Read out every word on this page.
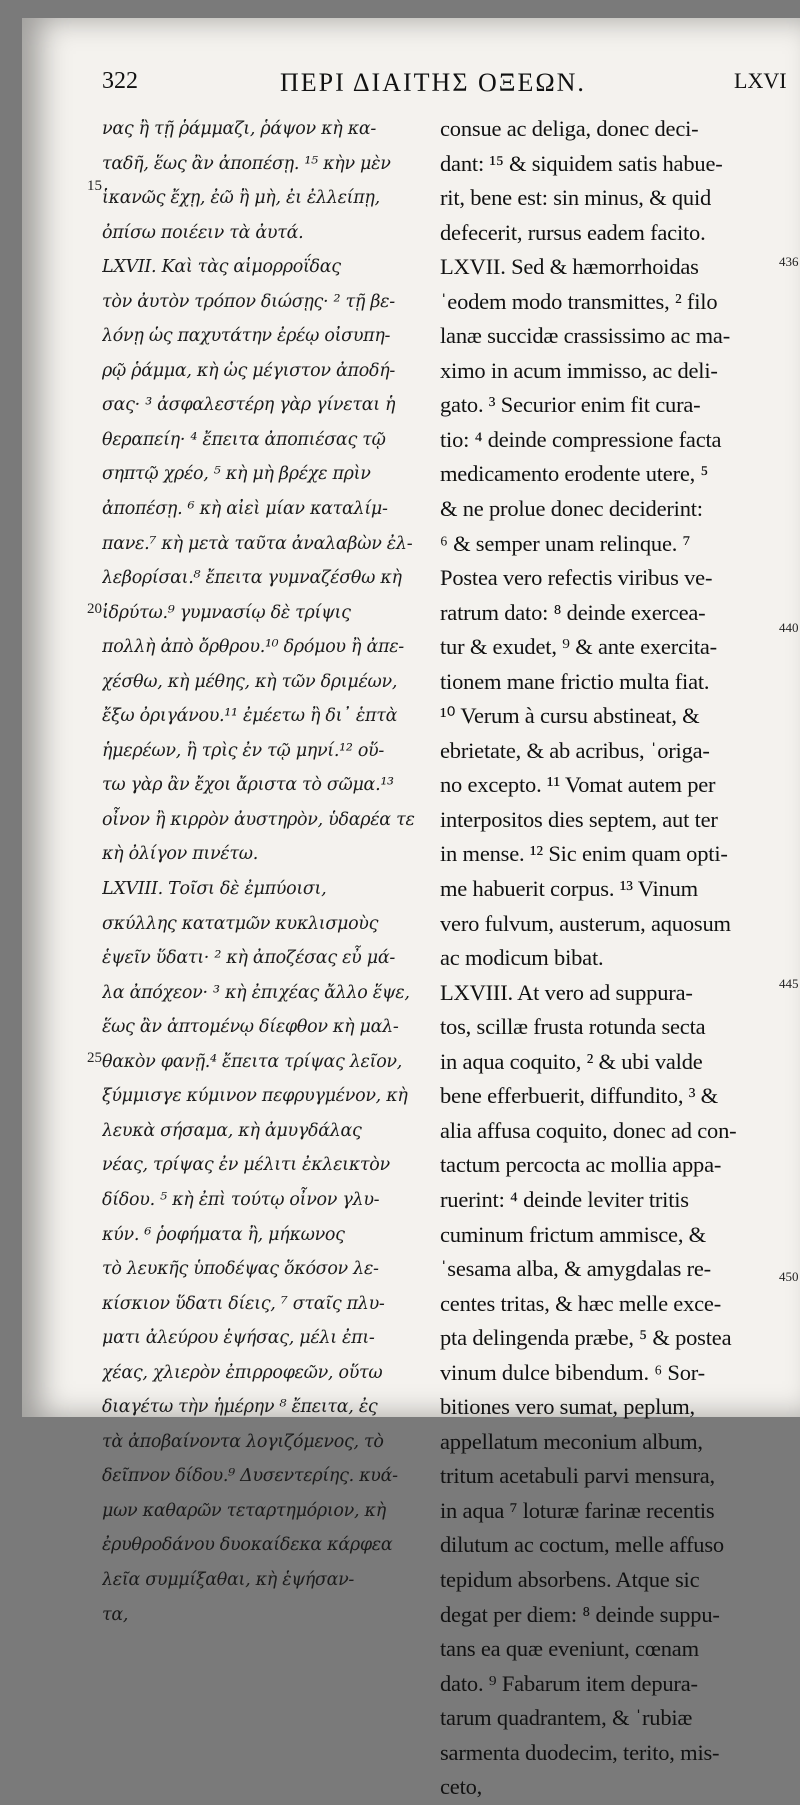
322	ΠΕΡΙ ΔΙΑΙΤΗΣ ΟΞΕΩΝ.	LXVI
νας ἢ τῇ ῥάμμαζι, ῥάψον κὴ κα-
ταδῆ, ἕως ἂν ἀποπέσῃ. ¹⁵ κὴν μὲν
ἱκανῶς ἔχῃ, ἐῶ ἢ μὴ, ἐι ἐλλείπῃ,
ὀπίσω ποιέειν τὰ ἀυτά.
LXVII. Καὶ τὰς αἱμορροΐδας
τὸν ἀυτὸν τρόπον διώσῃς· ² τῇ βε-
λόνῃ ὡς παχυτάτην ἐρέῳ οἰσυπη-
ρῷ ῥάμμα, κὴ ὡς μέγιστον ἀποδή-
σας· ³ ἀσφαλεστέρη γὰρ γίνεται ἡ
θεραπείη· ⁴ ἔπειτα ἀποπιέσας τῷ
σηπτῷ χρέο, ⁵ κὴ μὴ βρέχε πρὶν
ἀποπέσῃ. ⁶ κὴ αἰεὶ μίαν καταλίμ-
πανε.⁷ κὴ μετὰ ταῦτα ἀναλαβὼν ἐλ-
λεβορίσαι.⁸ ἔπειτα γυμναζέσθω κὴ
ἱδρύτω.⁹ γυμνασίῳ δὲ τρίψις
πολλὴ ἀπὸ ὄρθρου.¹⁰ δρόμου ἢ ἀπε-
χέσθω, κὴ μέθης, κὴ τῶν δριμέων,
ἔξω ὀριγάνου.¹¹ ἐμέετω ἢ δι᾽ ἑπτὰ
ἡμερέων, ἢ τρὶς ἐν τῷ μηνί.¹² οὕ-
τω γὰρ ἂν ἔχοι ἄριστα τὸ σῶμα.¹³
οἶνον ἢ κιρρὸν ἀυστηρὸν, ὑδαρέα τε
κὴ ὀλίγον πινέτω.
LXVIII. Τοῖσι δὲ ἐμπύοισι,
σκύλλης κατατμῶν κυκλισμοὺς
ἑψεῖν ὕδατι· ² κὴ ἀποζέσας εὖ μά-
λα ἀπόχεον· ³ κὴ ἐπιχέας ἄλλο ἕψε,
ἕως ἂν ἁπτομένῳ δίεφθον κὴ μαλ-
θακὸν φανῇ.⁴ ἔπειτα τρίψας λεῖον,
ξύμμισγε κύμινον πεφρυγμένον, κὴ
λευκὰ σήσαμα, κὴ ἀμυγδάλας
νέας, τρίψας ἐν μέλιτι ἐκλεικτὸν
δίδου. ⁵ κὴ ἐπὶ τούτῳ οἶνον γλυ-
κύν. ⁶ ῥοφήματα ἢ, μήκωνος
τὸ λευκῆς ὑποδέψας ὅκόσον λε-
κίσκιον ὕδατι δίεις, ⁷ σταῖς πλυ-
ματι ἀλεύρου ἑψήσας, μέλι ἐπι-
χέας, χλιερὸν ἐπιρροφεῶν, οὕτω
διαγέτω τὴν ἡμέρην ⁸ ἔπειτα, ἐς
τὰ ἀποβαίνοντα λογιζόμενος, τὸ
δεῖπνον δίδου.⁹ Δυσεντερίης. κυά-
μων καθαρῶν τεταρτημόριον, κὴ
ἐρυθροδάνου δυοκαίδεκα κάρφεα
λεῖα συμμίξαθαι, κὴ ἑψήσαν-
τα,
consue ac deliga, donec deci-
dant: ¹⁵ & siquidem satis habue-
rit, bene est: sin minus, & quid
defecerit, rursus eadem facito.
LXVII. Sed & hæmorrhoidas
ˈeodem modo transmittes, ² filo
lanæ succidæ crassissimo ac ma-
ximo in acum immisso, ac deli-
gato. ³ Securior enim fit cura-
tio: ⁴ deinde compressione facta
medicamento erodente utere, ⁵
& ne prolue donec deciderint:
⁶ & semper unam relinque. ⁷
Postea vero refectis viribus ve-
ratrum dato: ⁸ deinde exercea-
tur & exudet, ⁹ & ante exercita-
tionem mane frictio multa fiat.
¹⁰ Verum à cursu abstineat, &
ebrietate, & ab acribus, ˈoriga-
no excepto. ¹¹ Vomat autem per
interpositos dies septem, aut ter
in mense. ¹² Sic enim quam opti-
me habuerit corpus. ¹³ Vinum
vero fulvum, austerum, aquosum
ac modicum bibat.
LXVIII. At vero ad suppura-
tos, scillæ frusta rotunda secta
in aqua coquito, ² & ubi valde
bene efferbuerit, diffundito, ³ &
alia affusa coquito, donec ad con-
tactum percocta ac mollia appa-
ruerint: ⁴ deinde leviter tritis
cuminum frictum ammisce, &
ˈsesama alba, & amygdalas re-
centes tritas, & hæc melle exce-
pta delingenda præbe, ⁵ & postea
vinum dulce bibendum. ⁶ Sor-
bitiones vero sumat, peplum,
appellatum meconium album,
tritum acetabuli parvi mensura,
in aqua ⁷ loturæ farinæ recentis
dilutum ac coctum, melle affuso
tepidum absorbens. Atque sic
degat per diem: ⁸ deinde suppu-
tans ea quæ eveniunt, cœnam
dato. ⁹ Fabarum item depura-
tarum quadrantem, & ˈrubiæ
sarmenta duodecim, terito, mis-
ceto,
15
20
25
436
440
445
450
